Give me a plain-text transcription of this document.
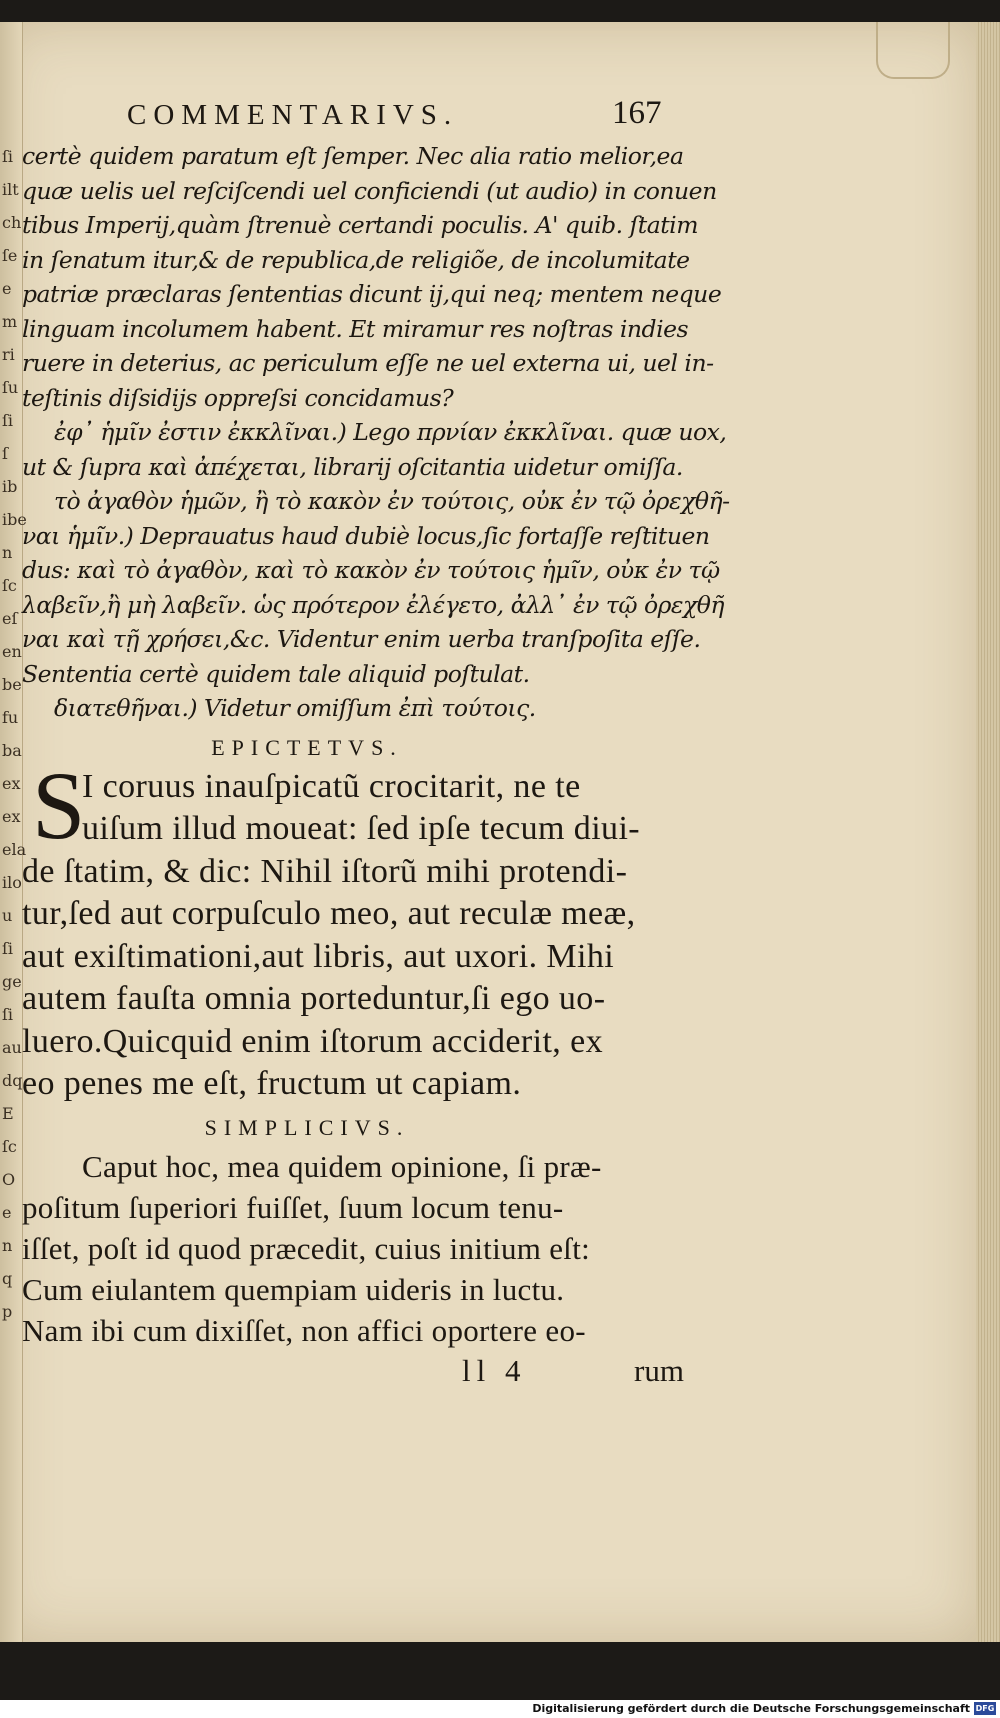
ſi
ilt
ch
ſe
e
m
ri
ſu
ſi
ſ
ib
ibe
n
ſc
eſ
en
be
fu
ba
ex
ex
ela
ilo
u
ſi
ge
ſi
au
dq
E
ſc
O
e
n
q
p
COMMENTARIVS.	167
certè quidem paratum eſt ſemper. Nec alia ratio melior,ea
quæ uelis uel reſciſcendi uel conficiendi (ut audio) in conuen
tibus Imperij,quàm ſtrenuè certandi poculis. A' quib. ſtatim
in ſenatum itur,& de republica,de religiõe, de incolumitate
patriæ præclaras ſententias dicunt ij,qui neq; mentem neque
linguam incolumem habent. Et miramur res noſtras indies
ruere in deterius, ac periculum eſſe ne uel externa ui, uel in-
teſtinis diſsidijs oppreſsi concidamus?
ἐφ᾽ ἡμῖν ἐστιν ἐκκλῖναι.) Lego πρνίαν ἐκκλῖναι. quæ uox,
ut & ſupra καὶ ἀπέχεται, librarij oſcitantia uidetur omiſſa.
τὸ ἀγαθὸν ἡμῶν, ἢ τὸ κακὸν ἐν τούτοις, οὐκ ἐν τῷ ὀρεχθῆ-
ναι ἡμῖν.) Deprauatus haud dubiè locus,ſic fortaſſe reſtituen
dus: καὶ τὸ ἀγαθὸν, καὶ τὸ κακὸν ἐν τούτοις ἡμῖν, οὐκ ἐν τῷ
λαβεῖν,ἢ μὴ λαβεῖν. ὡς πρότερον ἐλέγετο, ἀλλ᾽ ἐν τῷ ὀρεχθῆ
ναι καὶ τῇ χρήσει,&c. Videntur enim uerba tranſpoſita eſſe.
Sententia certè quidem tale aliquid poſtulat.
διατεθῆναι.) Videtur omiſſum ἐπὶ τούτοις.
EPICTETVS.
S
I coruus inauſpicatũ crocitarit, ne te
uiſum illud moueat: ſed ipſe tecum diui-
de ſtatim, & dic: Nihil iſtorũ mihi protendi-
tur,ſed aut corpuſculo meo, aut reculæ meæ,
aut exiſtimationi,aut libris, aut uxori. Mihi
autem fauſta omnia porteduntur,ſi ego uo-
luero.Quicquid enim iſtorum acciderit, ex
eo penes me eſt, fructum ut capiam.
SIMPLICIVS.
Caput hoc, mea quidem opinione, ſi præ-
poſitum ſuperiori fuiſſet, ſuum locum tenu-
iſſet, poſt id quod præcedit, cuius initium eſt:
Cum eiulantem quempiam uideris in luctu.
Nam ibi cum dixiſſet, non affici oportere eo-
ll 4	rum
Digitalisierung gefördert durch die Deutsche Forschungsgemeinschaft DFG
